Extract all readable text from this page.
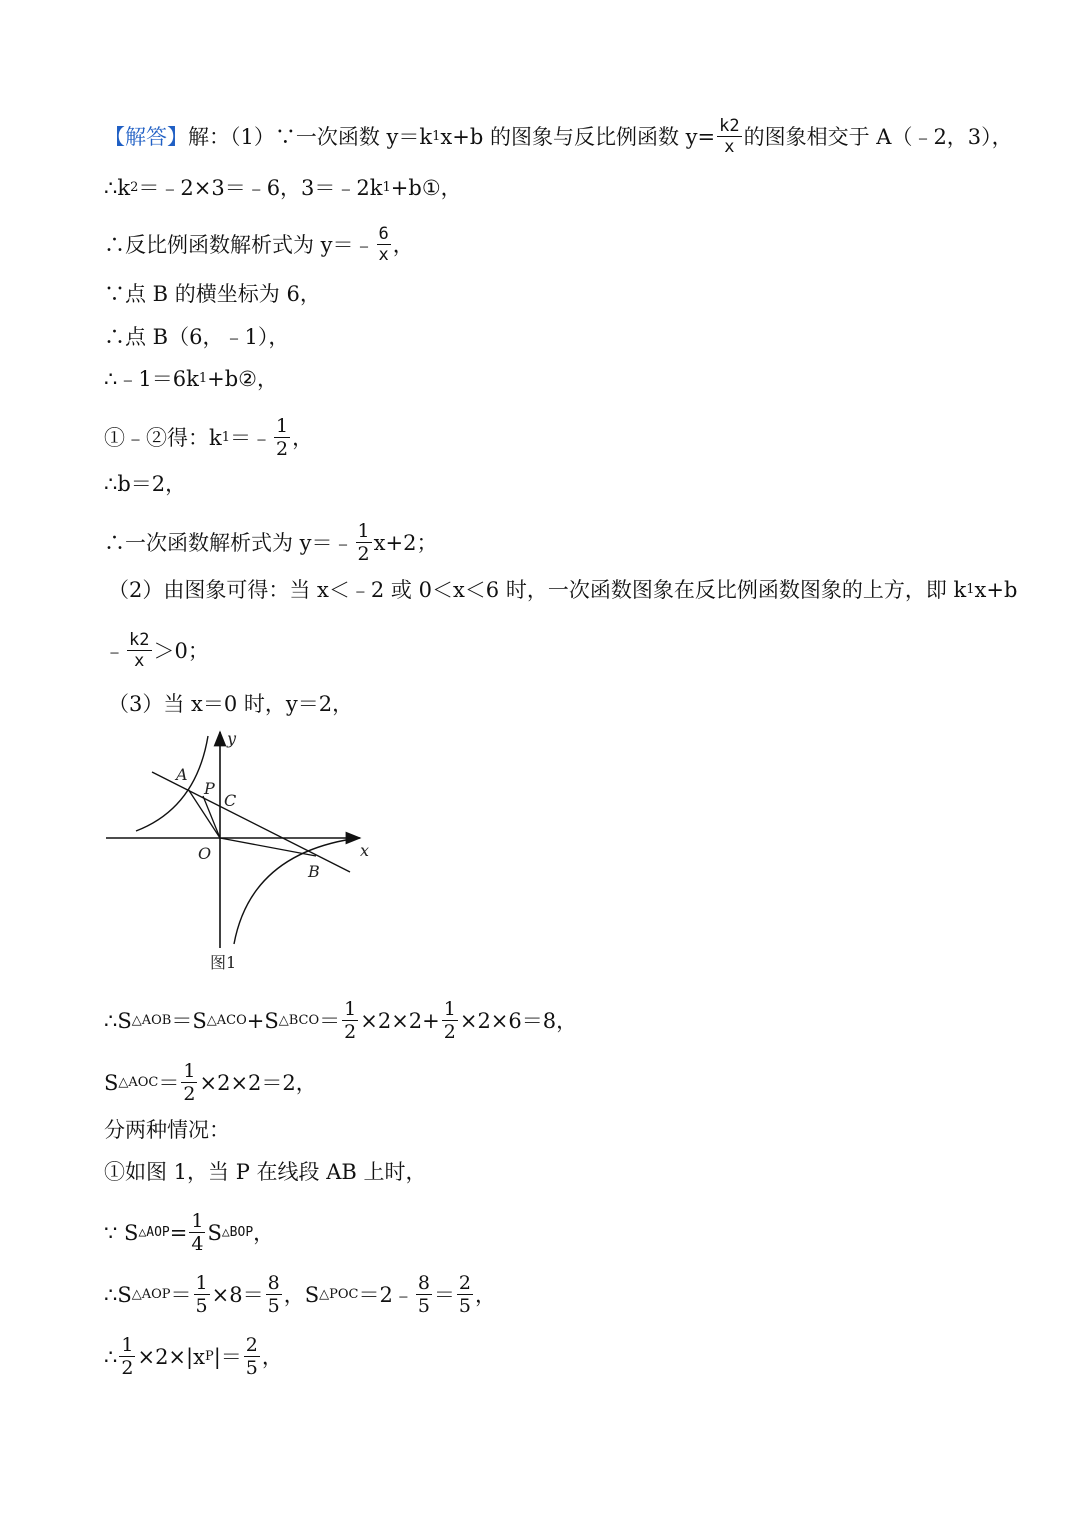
【解答】 解：（1）∵一次函数 y＝k 1 x+b 的图象与反比例函数 $y= \frac{k2}{x}$ 的图象相交于 A（﹣2，3），
∴k 2 ＝﹣2×3＝﹣6，3＝﹣2k 1 +b①，
∴反比例函数解析式为 y＝﹣ $\frac{6}{x}$ ，
∵点 B 的横坐标为 6，
∴点 B（6，﹣1），
∴﹣1＝6k 1 +b②，
①﹣②得：k 1 ＝﹣ $\frac{1}{2}$ ，
∴b＝2，
∴一次函数解析式为 y＝﹣ $\frac{1}{2} x+2$；
（2）由图象可得：当 x＜﹣2 或 0＜x＜6 时，一次函数图象在反比例函数图象的上方，即 k 1 x+b
﹣ $\frac{k2}{x} >0$；
（3）当 x＝0 时，y＝2，
y
x
A
P
C
O
B
图1
∴S △AOB ＝S △ACO +S △BCO ＝ $\frac{1}{2} \times 2\times 2+ \frac{1}{2} \times 2\times 6=8$，
S △AOC ＝ $\frac{1}{2} \times 2\times 2=2$，
分两种情况：
①如图 1，当 P 在线段 AB 上时，
∵ S △AOP = $\frac{1}{4}$ S △BOP ，
∴S △AOP ＝ $\frac{1}{5} \times 8= \frac{8}{5}$ ，S △POC ＝2﹣ $\frac{8}{5} = \frac{2}{5}$ ，
∴ $\frac{1}{2} \times 2\times|x$ P |＝ $\frac{2}{5}$ ，
